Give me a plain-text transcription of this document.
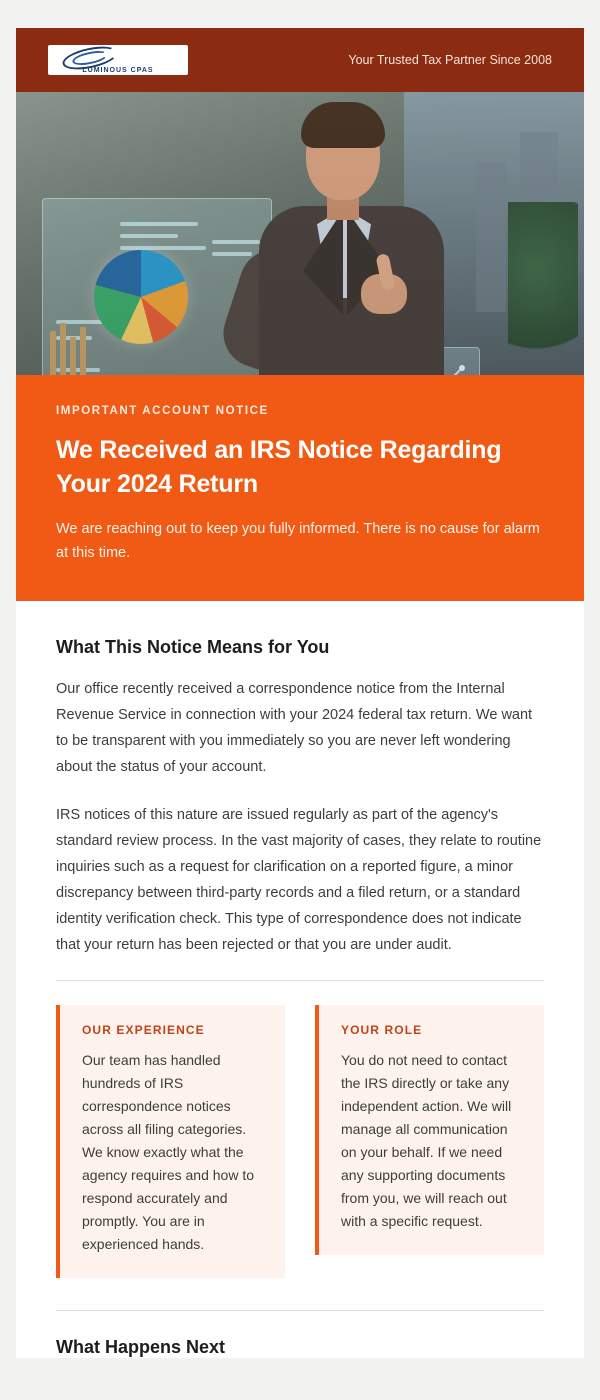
LUMINOUS CPAS
Your Trusted Tax Partner Since 2008
IMPORTANT ACCOUNT NOTICE
We Received an IRS Notice Regarding Your 2024 Return
We are reaching out to keep you fully informed. There is no cause for alarm at this time.
What This Notice Means for You

Our office recently received a correspondence notice from the Internal Revenue Service in connection with your 2024 federal tax return. We want to be transparent with you immediately so you are never left wondering about the status of your account.

IRS notices of this nature are issued regularly as part of the agency's standard review process. In the vast majority of cases, they relate to routine inquiries such as a request for clarification on a reported figure, a minor discrepancy between third-party records and a filed return, or a standard identity verification check. This type of correspondence does not indicate that your return has been rejected or that you are under audit.

OUR EXPERIENCE
Our team has handled hundreds of IRS correspondence notices across all filing categories. We know exactly what the agency requires and how to respond accurately and promptly. You are in experienced hands.
YOUR ROLE
You do not need to contact the IRS directly or take any independent action. We will manage all communication on your behalf. If we need any supporting documents from you, we will reach out with a specific request.
What Happens Next
